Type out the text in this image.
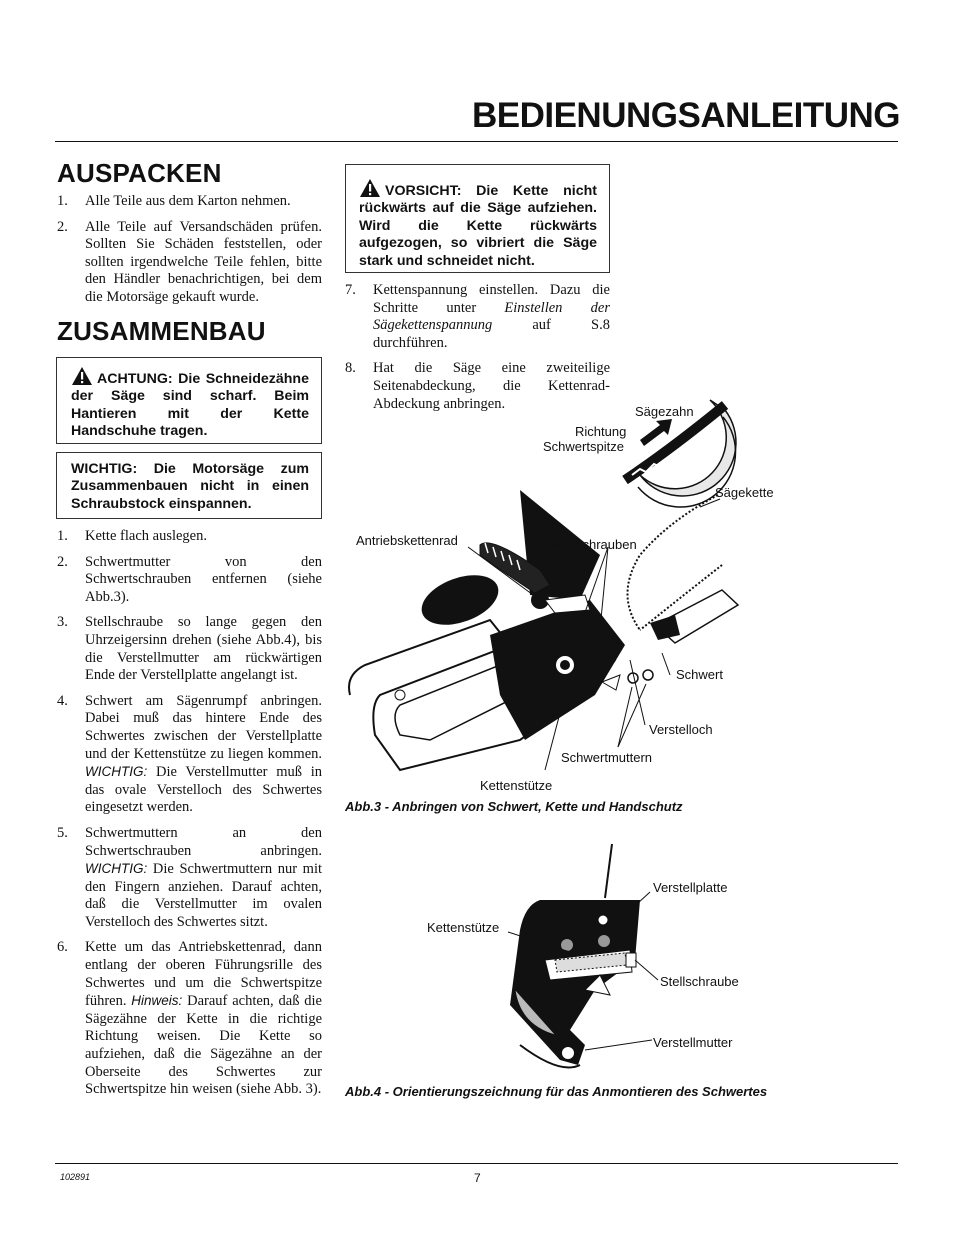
BEDIENUNGSANLEITUNG
AUSPACKEN
1. Alle Teile aus dem Karton nehmen.
2. Alle Teile auf Versandschäden prüfen. Sollten Sie Schäden feststellen, oder sollten irgendwelche Teile fehlen, bitte den Händler benachrichtigen, bei dem die Motorsäge gekauft wurde.
ZUSAMMENBAU
ACHTUNG: Die Schneidezähne der Säge sind scharf. Beim Hantieren mit der Kette Handschuhe tragen.
WICHTIG: Die Motorsäge zum Zusammenbauen nicht in einen Schraubstock einspannen.
1. Kette flach auslegen.
2. Schwertmutter von den Schwertschrauben entfernen (siehe Abb.3).
3. Stellschraube so lange gegen den Uhrzeigersinn drehen (siehe Abb.4), bis die Verstellmutter am rückwärtigen Ende der Verstellplatte angelangt ist.
4. Schwert am Sägenrumpf anbringen. Dabei muß das hintere Ende des Schwertes zwischen der Verstellplatte und der Kettenstütze zu liegen kommen. WICHTIG: Die Verstellmutter muß in das ovale Verstelloch des Schwertes eingesetzt werden.
5. Schwertmuttern an den Schwertschrauben anbringen. WICHTIG: Die Schwertmuttern nur mit den Fingern anziehen. Darauf achten, daß die Verstellmutter im ovalen Verstelloch des Schwertes sitzt.
6. Kette um das Antriebskettenrad, dann entlang der oberen Führungsrille des Schwertes und um die Schwertspitze führen. Hinweis: Darauf achten, daß die Sägezähne der Kette in die richtige Richtung weisen. Die Kette so aufziehen, daß die Sägezähne an der Oberseite des Schwertes zur Schwertspitze hin weisen (siehe Abb. 3).
VORSICHT: Die Kette nicht rückwärts auf die Säge aufziehen. Wird die Kette rückwärts aufgezogen, so vibriert die Säge stark und schneidet nicht.
7. Kettenspannung einstellen. Dazu die Schritte unter Einstellen der Sägekettenspannung	auf S.8 durchführen.
8. Hat die Säge eine zweiteilige Seitenabdeckung, die Kettenrad-Abdeckung anbringen.	Sägezahn
Richtung
Schwertspitze
Sägekette
Antriebskettenrad	Schwertschrauben
Schwert
Verstelloch
Schwertmuttern
Kettenstütze

Abb.3 - Anbringen von Schwert, Kette und Handschutz

Verstellplatte
Kettenstütze
Stellschraube
Verstellmutter

Abb.4 - Orientierungszeichnung für das Anmontieren des Schwertes

102891	7
